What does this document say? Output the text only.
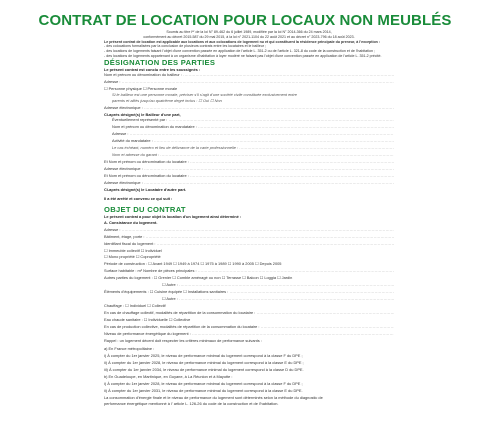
CONTRAT DE LOCATION POUR LOCAUX NON MEUBLÉS
Soumis au titre Iᵉʳ de la loi N° 89-462 du 6 juillet 1989, modifiée par la loi N° 2014-366 du 24 mars 2014,
conformément au décret 2015-587 du 29 mai 2015, à la loi n° 2021-1104 du 22 août 2021 et au décret n° 2023-796 du 18 août 2023.
Le présent contrat de location est applicable aux locations et aux colocations de logement nu et qui constituent la résidence principale du preneur, à l'exception :
- des colocations formalisées par la conclusion de plusieurs contrats entre les locataires et le bailleur ;
- des locations de logements faisant l'objet d'une convention passée en application de l'article L. 351-2 ou de l'article L. 321-8 du code de la construction et de l'habitation ;
- des locations de logements appartenant à un organisme d'habitation à loyer modéré ne faisant pas l'objet d'une convention passée en application de l'article L. 351-2 précité.
DÉSIGNATION DES PARTIES
Le présent contrat est conclu entre les soussignés :
Nom et prénom ou dénomination du bailleur : .....
Adresse : .....
☐ Personne physique ☐ Personne morale
Si le bailleur est une personne morale, préciser s'il s'agit d'une société civile constituée exclusivement entre
parents et alliés jusqu'au quatrième degré inclus : ☐ Oui ☐ Non
Adresse électronique : .....
Ci-après désigné(s) le Bailleur d'une part,
Éventuellement représenté par : .....
Nom et prénom ou dénomination du mandataire : .....
Adresse : .....
Activité du mandataire : .....
Le cas échéant, numéro et lieu de délivrance de la carte professionnelle : .....
Nom et adresse du garant : .....
Et Nom et prénom ou dénomination du locataire : .....
Adresse électronique : .....
Et Nom et prénom ou dénomination du locataire : .....
Adresse électronique : .....
Ci-après désigné(s) le Locataire d'autre part.
Il a été arrêté et convenu ce qui suit :
OBJET DU CONTRAT
Le présent contrat a pour objet la location d'un logement ainsi déterminé :
A. Consistance du logement.
Adresse : .....
Bâtiment, étage, porte : .....
Identifiant fiscal du logement : .....
☐ Immeuble collectif ☐ Individuel
☐ Mono propriété ☐ Copropriété
Période de construction : ☐ Avant 1949 ☐ 1949 à 1974 ☐ 1975 à 1989 ☐ 1990 à 2005 ☐ Depuis 2005
Surface habitable : m² Nombre de pièces principales : .....
Autres parties du logement : ☐ Grenier ☐ Comble aménagé ou non ☐ Terrasse ☐ Balcon ☐ Loggia ☐ Jardin
☐ Autre : .....
Éléments d'équipements : ☐ Cuisine équipée ☐ Installations sanitaires : .....
☐ Autre : .....
Chauffage : ☐ Individuel ☐ Collectif
En cas de chauffage collectif, modalités de répartition de la consommation du locataire : .....
Eau chaude sanitaire : ☐ Individuelle ☐ Collective
En cas de production collective, modalités de répartition de la consommation du locataire : .....
Niveau de performance énergétique du logement : .....
Rappel : un logement décent doit respecter les critères minimaux de performance suivants :
a) En France métropolitaine :
i) À compter du 1er janvier 2025, le niveau de performance minimal du logement correspond à la classe F du DPE ;
ii) À compter du 1er janvier 2028, le niveau de performance minimal du logement correspond à la classe E du DPE ;
iii) À compter du 1er janvier 2034, le niveau de performance minimal du logement correspond à la classe D du DPE.
b) En Guadeloupe, en Martinique, en Guyane, à La Réunion et à Mayotte :
i) À compter du 1er janvier 2028, le niveau de performance minimal du logement correspond à la classe F du DPE ;
ii) À compter du 1er janvier 2031, le niveau de performance minimal du logement correspond à la classe E du DPE.
La consommation d'énergie finale et le niveau de performance du logement sont déterminés selon la méthode du diagnostic de
performance énergétique mentionné à l' article L. 126-26 du code de la construction et de l'habitation.
